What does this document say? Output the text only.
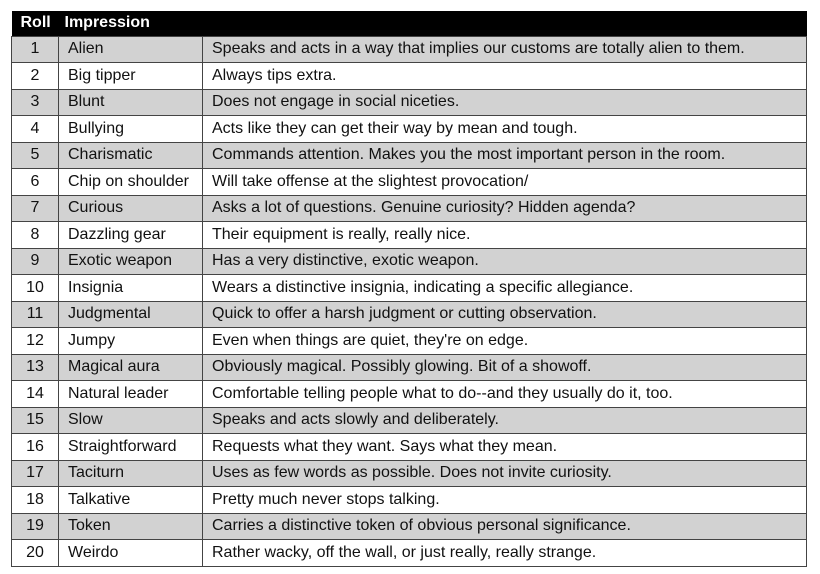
Roll	Impression	
1	Alien	Speaks and acts in a way that implies our customs are totally alien to them.
2	Big tipper	Always tips extra.
3	Blunt	Does not engage in social niceties.
4	Bullying	Acts like they can get their way by mean and tough.
5	Charismatic	Commands attention. Makes you the most important person in the room.
6	Chip on shoulder	Will take offense at the slightest provocation/
7	Curious	Asks a lot of questions. Genuine curiosity? Hidden agenda?
8	Dazzling gear	Their equipment is really, really nice.
9	Exotic weapon	Has a very distinctive, exotic weapon.
10	Insignia	Wears a distinctive insignia, indicating a specific allegiance.
11	Judgmental	Quick to offer a harsh judgment or cutting observation.
12	Jumpy	Even when things are quiet, they're on edge.
13	Magical aura	Obviously magical. Possibly glowing. Bit of a showoff.
14	Natural leader	Comfortable telling people what to do--and they usually do it, too.
15	Slow	Speaks and acts slowly and deliberately.
16	Straightforward	Requests what they want. Says what they mean.
17	Taciturn	Uses as few words as possible. Does not invite curiosity.
18	Talkative	Pretty much never stops talking.
19	Token	Carries a distinctive token of obvious personal significance.
20	Weirdo	Rather wacky, off the wall, or just really, really strange.
